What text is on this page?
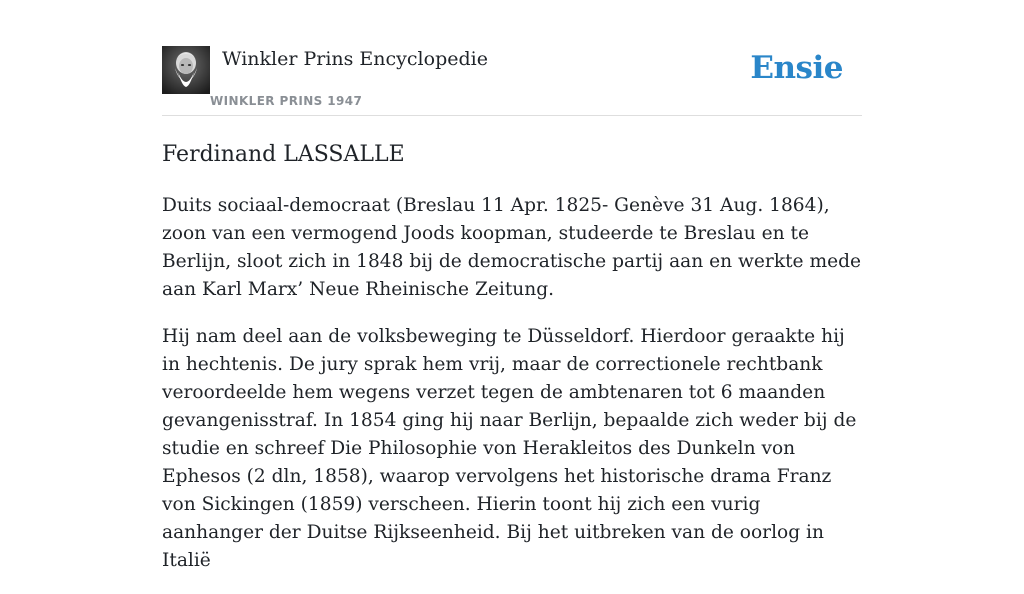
Winkler Prins Encyclopedie
WINKLER PRINS 1947
Ensie
Ferdinand LASSALLE

Duits sociaal-democraat (Breslau 11 Apr. 1825- Genève 31 Aug. 1864), zoon van een vermogend Joods koopman, studeerde te Breslau en te Berlijn, sloot zich in 1848 bij de democratische partij aan en werkte mede aan Karl Marx’ Neue Rheinische Zeitung.

Hij nam deel aan de volksbeweging te Düsseldorf. Hierdoor geraakte hij in hechtenis. De jury sprak hem vrij, maar de correctionele rechtbank veroordeelde hem wegens verzet tegen de ambtenaren tot 6 maanden gevangenisstraf. In 1854 ging hij naar Berlijn, bepaalde zich weder bij de studie en schreef Die Philosophie von Herakleitos des Dunkeln von Ephesos (2 dln, 1858), waarop vervolgens het historische drama Franz von Sickingen (1859) verscheen. Hierin toont hij zich een vurig aanhanger der Duitse Rijkseenheid. Bij het uitbreken van de oorlog in Italië
